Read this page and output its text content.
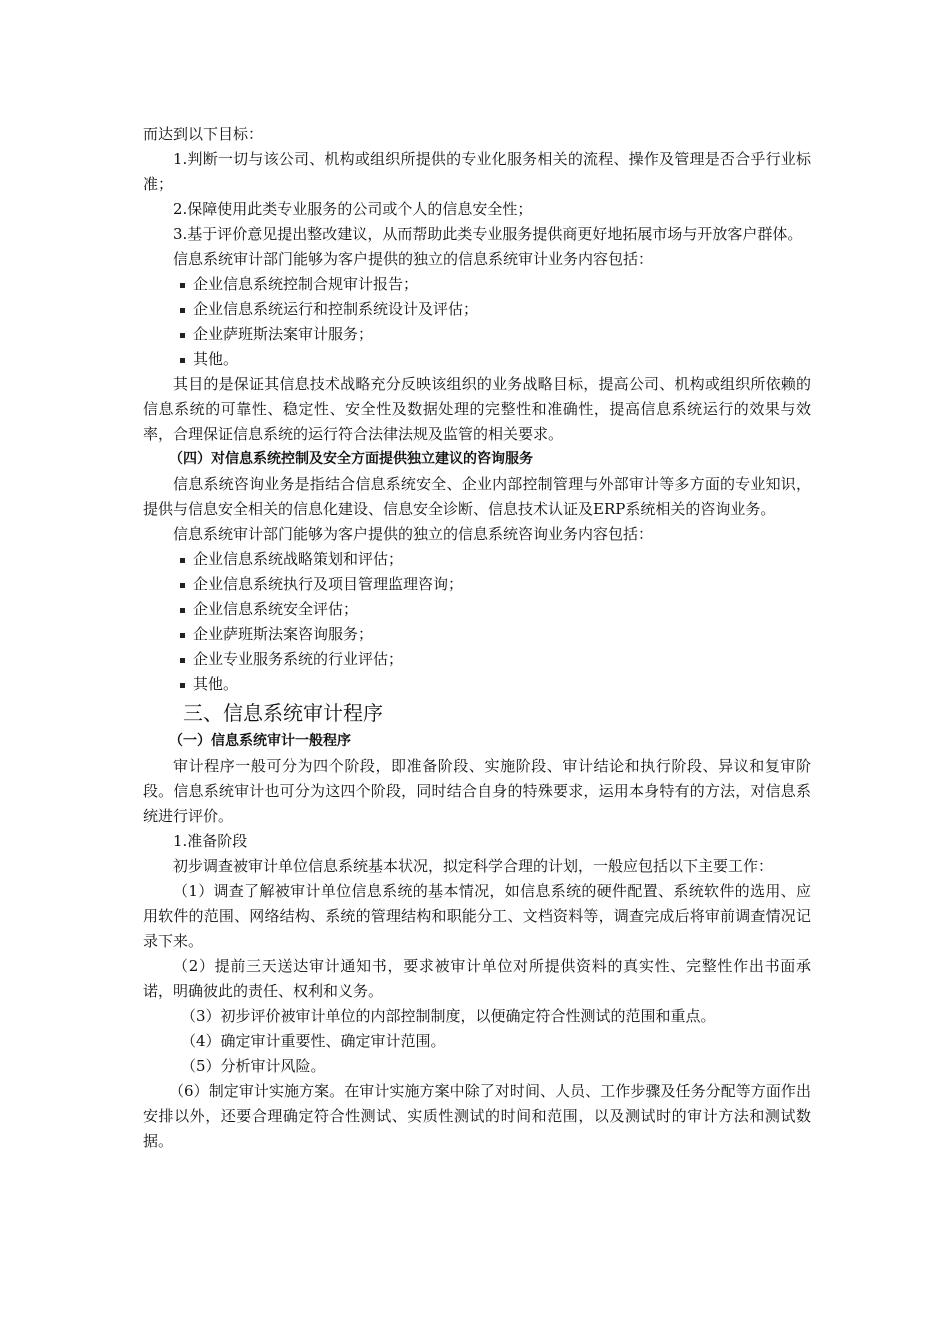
而达到以下目标：

1.判断一切与该公司、机构或组织所提供的专业化服务相关的流程、操作及管理是否合乎行业标准；

2.保障使用此类专业服务的公司或个人的信息安全性；

3.基于评价意见提出整改建议，从而帮助此类专业服务提供商更好地拓展市场与开放客户群体。

信息系统审计部门能够为客户提供的独立的信息系统审计业务内容包括：

企业信息系统控制合规审计报告；

企业信息系统运行和控制系统设计及评估；

企业萨班斯法案审计服务；

其他。

其目的是保证其信息技术战略充分反映该组织的业务战略目标，提高公司、机构或组织所依赖的信息系统的可靠性、稳定性、安全性及数据处理的完整性和准确性，提高信息系统运行的效果与效率，合理保证信息系统的运行符合法律法规及监管的相关要求。

（四）对信息系统控制及安全方面提供独立建议的咨询服务

信息系统咨询业务是指结合信息系统安全、企业内部控制管理与外部审计等多方面的专业知识，提供与信息安全相关的信息化建设、信息安全诊断、信息技术认证及ERP系统相关的咨询业务。

信息系统审计部门能够为客户提供的独立的信息系统咨询业务内容包括：

企业信息系统战略策划和评估；

企业信息系统执行及项目管理监理咨询；

企业信息系统安全评估；

企业萨班斯法案咨询服务；

企业专业服务系统的行业评估；

其他。

三、信息系统审计程序

（一）信息系统审计一般程序

审计程序一般可分为四个阶段，即准备阶段、实施阶段、审计结论和执行阶段、异议和复审阶段。信息系统审计也可分为这四个阶段，同时结合自身的特殊要求，运用本身特有的方法，对信息系统进行评价。

1.准备阶段

初步调查被审计单位信息系统基本状况，拟定科学合理的计划，一般应包括以下主要工作：

（1）调查了解被审计单位信息系统的基本情况，如信息系统的硬件配置、系统软件的选用、应用软件的范围、网络结构、系统的管理结构和职能分工、文档资料等，调查完成后将审前调查情况记录下来。

（2）提前三天送达审计通知书，要求被审计单位对所提供资料的真实性、完整性作出书面承诺，明确彼此的责任、权利和义务。

（3）初步评价被审计单位的内部控制制度，以便确定符合性测试的范围和重点。

（4）确定审计重要性、确定审计范围。

（5）分析审计风险。

（6）制定审计实施方案。在审计实施方案中除了对时间、人员、工作步骤及任务分配等方面作出安排以外，还要合理确定符合性测试、实质性测试的时间和范围，以及测试时的审计方法和测试数据。
